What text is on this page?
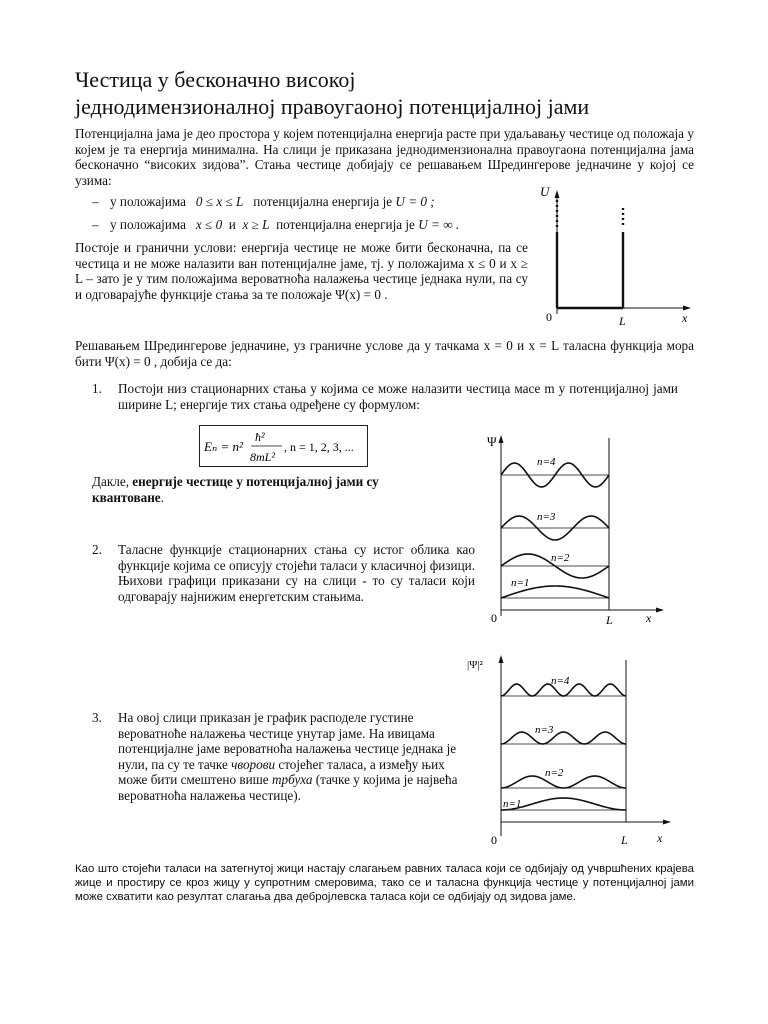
Честица у бесконачно високој
једнодимензионалној правоугаоној потенцијалној јами

Потенцијална јама је део простора у којем потенцијална енергија расте при удаљавању честице од положаја у којем је та енергија минимална. На слици је приказана једнодимензионална правоугаона потенцијална јама бесконачно “високих зидова”. Стања честице добијају се решавањем Шредингерове једначине у којој се узима:

– у положајима 0 ≤ x ≤ L потенцијална енергија је U = 0 ;
– у положајима x ≤ 0 и x ≥ L потенцијална енергија је U = ∞ .

Постоје и гранични услови: енергија честице не може бити бесконачна, па се честица и не може налазити ван потенцијалне јаме, тј. у положајима x ≤ 0 и x ≥ L – зато је у тим положајима вероватноћа налажења честице једнака нули, па су и одговарајуће функције стања за те положаје Ψ(x) = 0 .

U
0	L	x

Решавањем Шредингерове једначине, уз граничне услове да у тачкама x = 0 и x = L таласна функција мора бити Ψ(x) = 0 , добија се да:

1. Постоји низ стационарних стања у којима се може налазити честица масе m у потенцијалној јами ширине L; енергије тих стања одређене су формулом:

Eₙ = n²
ħ²
8mL²
, n = 1, 2, 3, ...

Дакле, енергије честице у потенцијалној јами су квантоване.

2. Таласне функције стационарних стања су истог облика као функције којима се описују стојећи таласи у класичној физици. Њихови графици приказани су на слици - то су таласи који одговарају најнижим енергетским стањима.

3. На овој слици приказан је график расподеле густине вероватноће налажења честице унутар јаме. На ивицама потенцијалне јаме вероватноћа налажења честице једнака је нули, па су те тачке чворови стојећег таласа, а између њих може бити смештено више трбуха (тачке у којима је највећа вероватноћа налажења честице).

Ψ
0	L	x
n=4
n=3
n=2
n=1
|Ψ|²
0	L x
n=4
n=3
n=2
n=1

Као што стојећи таласи на затегнутој жици настају слагањем равних таласа који се одбијају од учвршћених крајева жице и простиру се кроз жицу у супротним смеровима, тако се и таласна функција честице у потенцијалној јами може схватити као резултат слагања два дебројлевска таласа који се одбијају од зидова јаме.
